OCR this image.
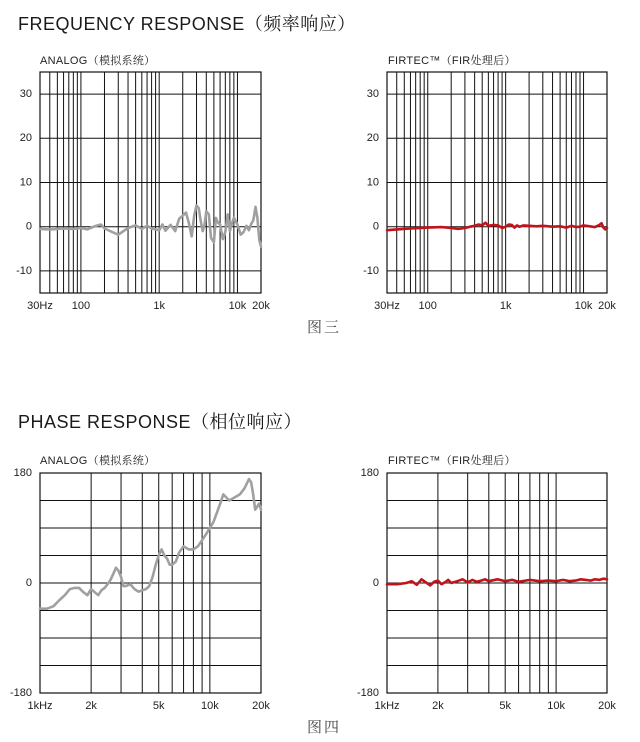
FREQUENCY RESPONSE（频率响应）
ANALOG（模拟系统）	FIRTEC™（FIR处理后）
图三
PHASE RESPONSE（相位响应）
ANALOG（模拟系统）	FIRTEC™（FIR处理后）
图四
30
20
10
0
-10
30Hz 100	1k	10k 20k
30
20
10
0
-10
30Hz 100	1k	10k 20k
180
0
-180
1kHz	2k	5k	10k	20k
180
0
-180
1kHz	2k	5k	10k	20k
